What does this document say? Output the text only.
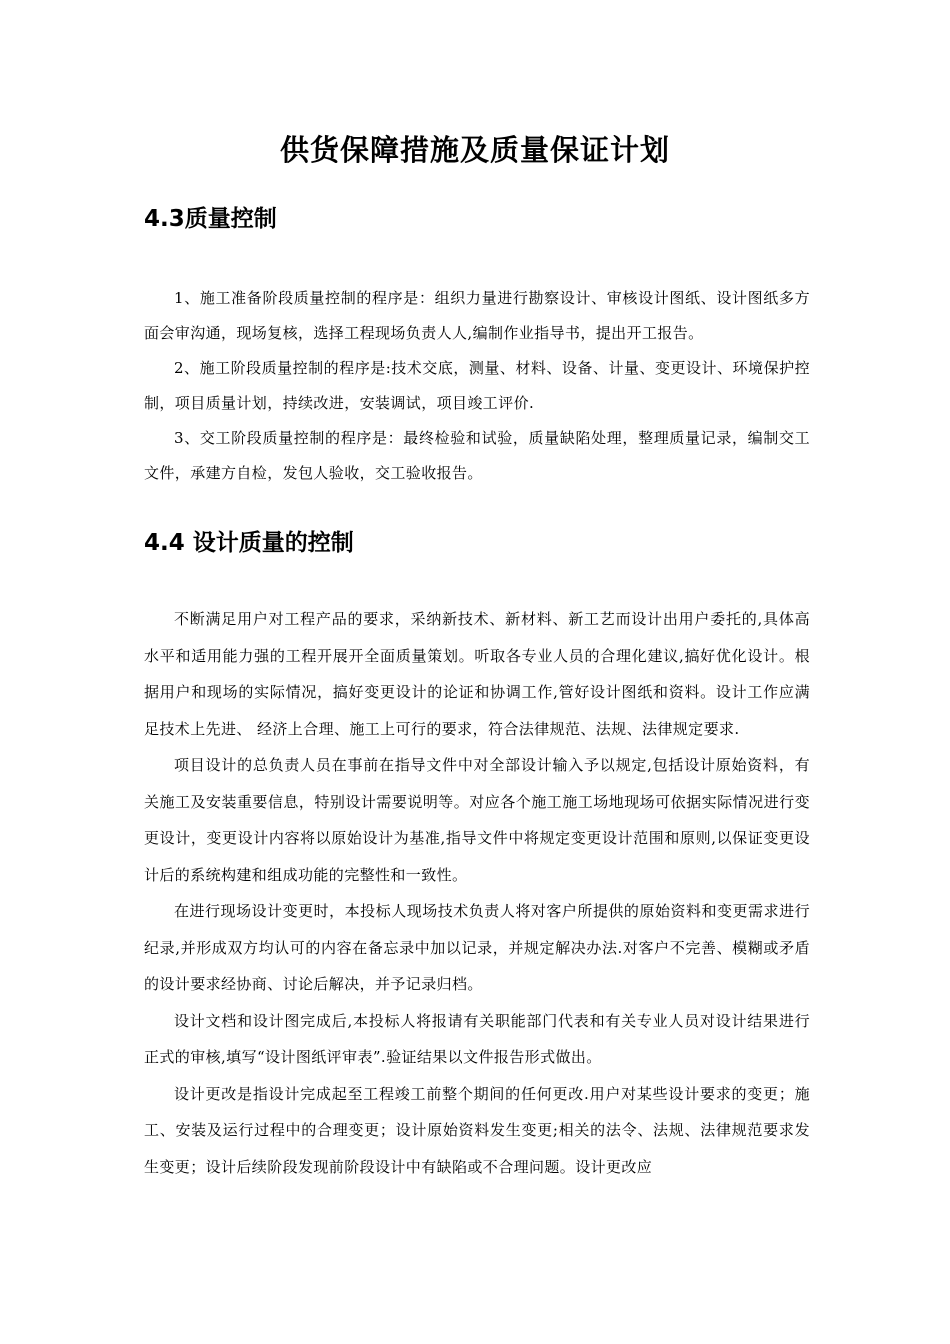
供货保障措施及质量保证计划
4.3质量控制

1、施工准备阶段质量控制的程序是：组织力量进行勘察设计、审核设计图纸、设计图纸多方面会审沟通，现场复核，选择工程现场负责人人,编制作业指导书，提出开工报告。

2、施工阶段质量控制的程序是:技术交底，测量、材料、设备、计量、变更设计、环境保护控制，项目质量计划，持续改进，安装调试，项目竣工评价.

3、交工阶段质量控制的程序是：最终检验和试验，质量缺陷处理，整理质量记录，编制交工文件，承建方自检，发包人验收，交工验收报告。

4.4 设计质量的控制

不断满足用户对工程产品的要求，采纳新技术、新材料、新工艺而设计出用户委托的,具体高水平和适用能力强的工程开展开全面质量策划。听取各专业人员的合理化建议,搞好优化设计。根据用户和现场的实际情况，搞好变更设计的论证和协调工作,管好设计图纸和资料。设计工作应满足技术上先进、 经济上合理、施工上可行的要求，符合法律规范、法规、法律规定要求.

项目设计的总负责人员在事前在指导文件中对全部设计输入予以规定,包括设计原始资料，有关施工及安装重要信息，特别设计需要说明等。对应各个施工施工场地现场可依据实际情况进行变更设计，变更设计内容将以原始设计为基准,指导文件中将规定变更设计范围和原则,以保证变更设计后的系统构建和组成功能的完整性和一致性。

在进行现场设计变更时，本投标人现场技术负责人将对客户所提供的原始资料和变更需求进行纪录,并形成双方均认可的内容在备忘录中加以记录，并规定解决办法.对客户不完善、模糊或矛盾的设计要求经协商、讨论后解决，并予记录归档。

设计文档和设计图完成后,本投标人将报请有关职能部门代表和有关专业人员对设计结果进行正式的审核,填写“设计图纸评审表”.验证结果以文件报告形式做出。

设计更改是指设计完成起至工程竣工前整个期间的任何更改.用户对某些设计要求的变更；施工、安装及运行过程中的合理变更；设计原始资料发生变更;相关的法令、法规、法律规范要求发生变更；设计后续阶段发现前阶段设计中有缺陷或不合理问题。设计更改应
